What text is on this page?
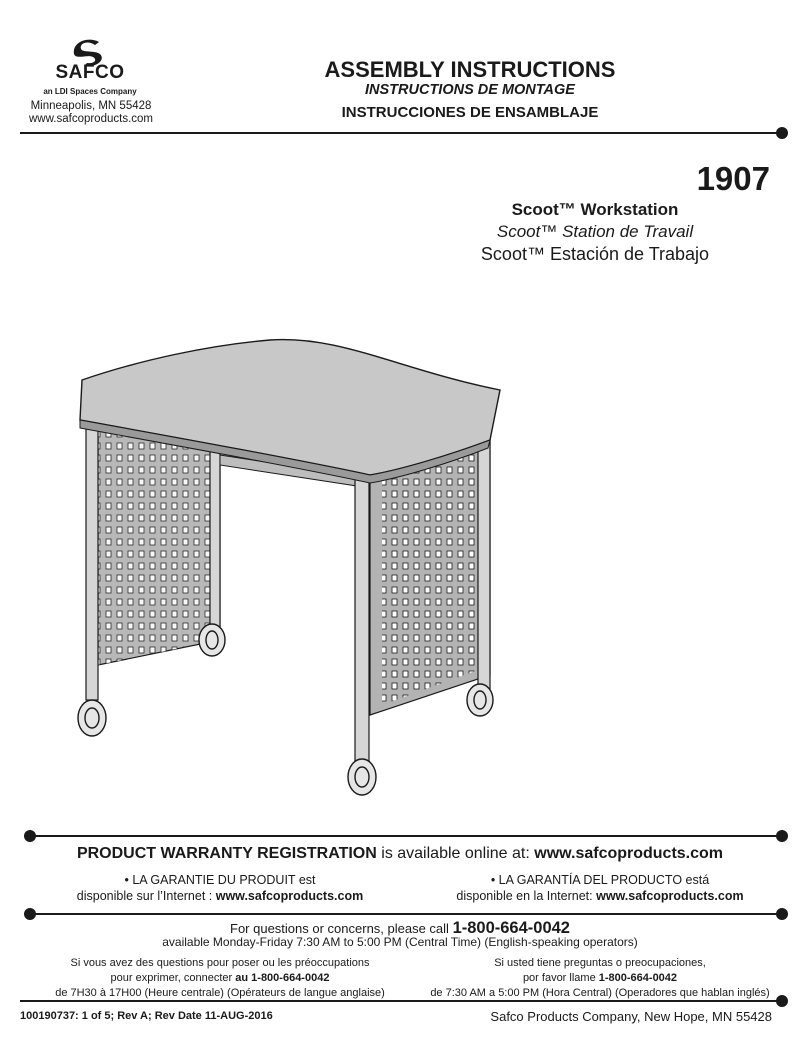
SAFCO
an LDI Spaces Company
Minneapolis, MN 55428
www.safcoproducts.com
ASSEMBLY INSTRUCTIONS
INSTRUCTIONS DE MONTAGE
INSTRUCCIONES DE ENSAMBLAJE
1907
Scoot™ Workstation
Scoot™ Station de Travail
Scoot™ Estación de Trabajo
PRODUCT WARRANTY REGISTRATION is available online at: www.safcoproducts.com
• LA GARANTIE DU PRODUIT est
disponible sur l’Internet : www.safcoproducts.com
• LA GARANTÍA DEL PRODUCTO está
disponible en la Internet: www.safcoproducts.com
For questions or concerns, please call 1-800-664-0042
available Monday-Friday 7:30 AM to 5:00 PM (Central Time) (English-speaking operators)
Si vous avez des questions pour poser ou les préoccupations
pour exprimer, connecter au 1-800-664-0042
de 7H30 à 17H00 (Heure centrale) (Opérateurs de langue anglaise)
Si usted tiene preguntas o preocupaciones,
por favor llame 1-800-664-0042
de 7:30 AM a 5:00 PM (Hora Central) (Operadores que hablan inglés)
100190737: 1 of 5; Rev A; Rev Date 11-AUG-2016	Safco Products Company, New Hope, MN 55428
